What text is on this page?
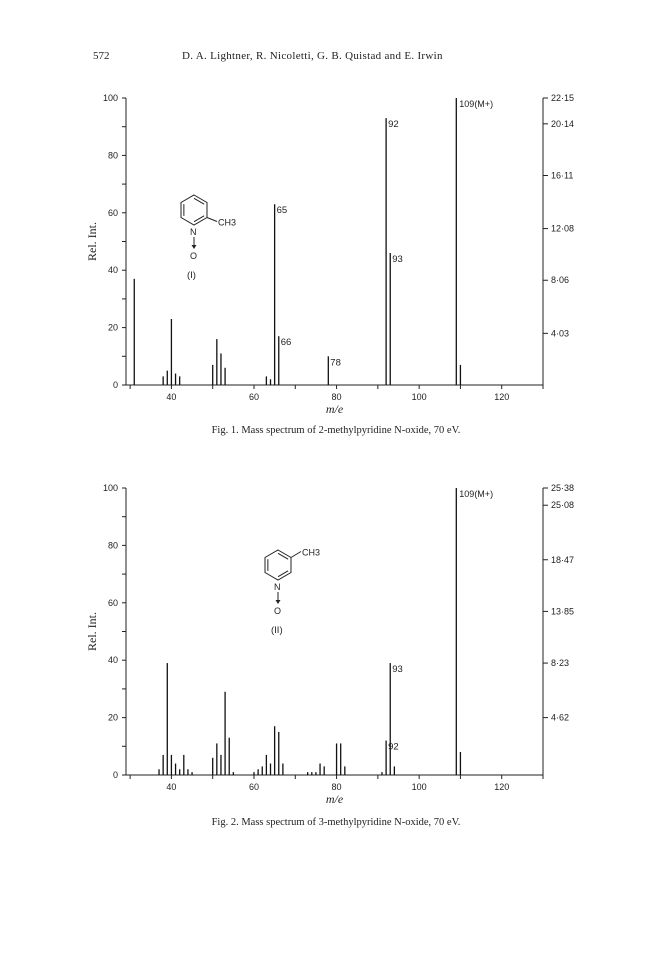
572	D. A. Lightner, R. Nicoletti, G. B. Quistad and E. Irwin
0
20
40
60
80
100
40	60	80	100	120
22·15
20·14
16·11
12·08
8·06
4·03
Rel. Int.
m/e
65
66
78
92
93
109(M+)
N
O
CH3
(I)
Fig. 1. Mass spectrum of 2-methylpyridine N-oxide, 70 eV.
0
20
40
60
80
100
40	60	80	100	120
25·38
25·08
18·47
13·85
8·23
4·62
Rel. Int.
m/e
92
93
109(M+)
N
O
CH3
(II)
Fig. 2. Mass spectrum of 3-methylpyridine N-oxide, 70 eV.
